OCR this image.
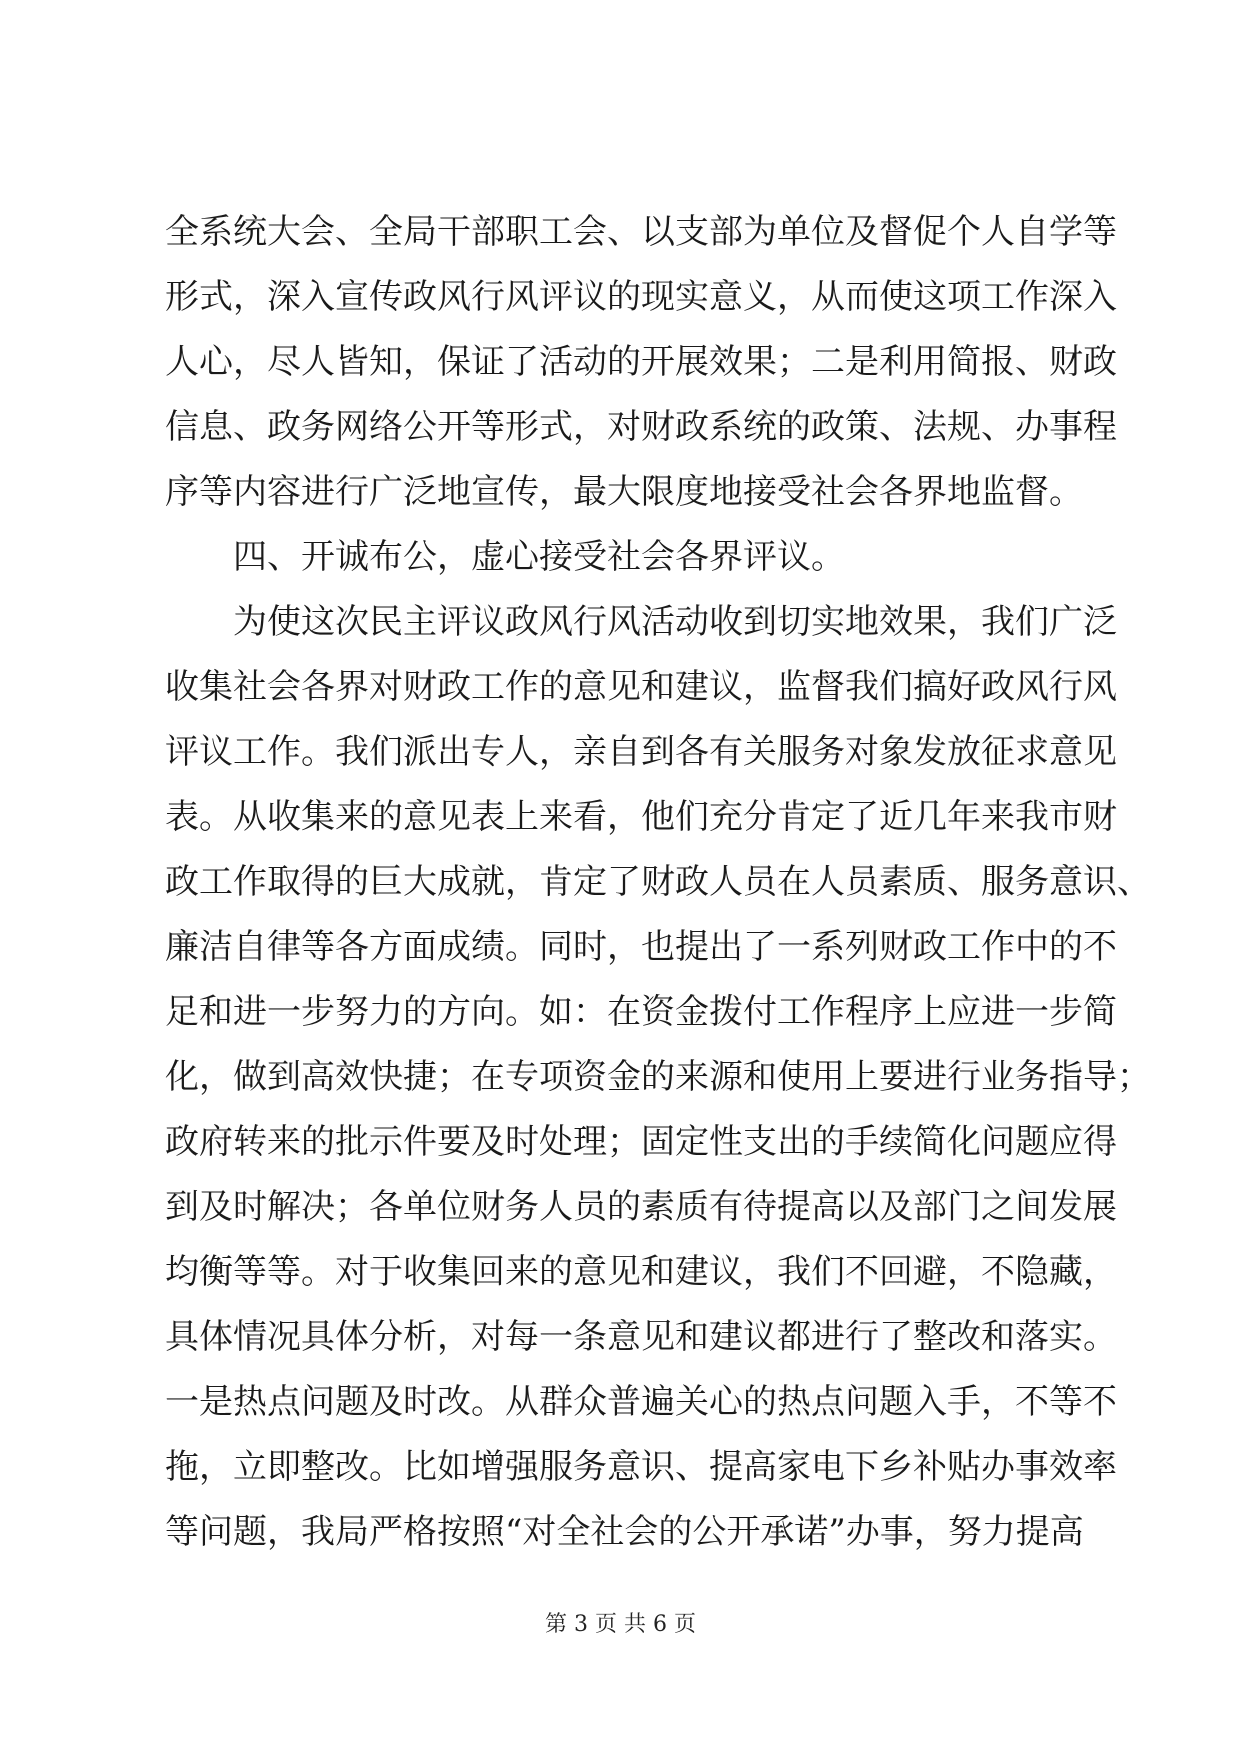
全系统大会、全局干部职工会、以支部为单位及督促个人自学等
形式，深入宣传政风行风评议的现实意义，从而使这项工作深入
人心，尽人皆知，保证了活动的开展效果；二是利用简报、财政
信息、政务网络公开等形式，对财政系统的政策、法规、办事程
序等内容进行广泛地宣传，最大限度地接受社会各界地监督。
四、开诚布公，虚心接受社会各界评议。
为使这次民主评议政风行风活动收到切实地效果，我们广泛
收集社会各界对财政工作的意见和建议，监督我们搞好政风行风
评议工作。我们派出专人，亲自到各有关服务对象发放征求意见
表。从收集来的意见表上来看，他们充分肯定了近几年来我市财
政工作取得的巨大成就，肯定了财政人员在人员素质、服务意识、
廉洁自律等各方面成绩。同时，也提出了一系列财政工作中的不
足和进一步努力的方向。如：在资金拨付工作程序上应进一步简
化，做到高效快捷；在专项资金的来源和使用上要进行业务指导；
政府转来的批示件要及时处理；固定性支出的手续简化问题应得
到及时解决；各单位财务人员的素质有待提高以及部门之间发展
均衡等等。对于收集回来的意见和建议，我们不回避，不隐藏，
具体情况具体分析，对每一条意见和建议都进行了整改和落实。
一是热点问题及时改。从群众普遍关心的热点问题入手，不等不
拖，立即整改。比如增强服务意识、提高家电下乡补贴办事效率
等问题，我局严格按照“对全社会的公开承诺”办事，努力提高
第 3 页 共 6 页
